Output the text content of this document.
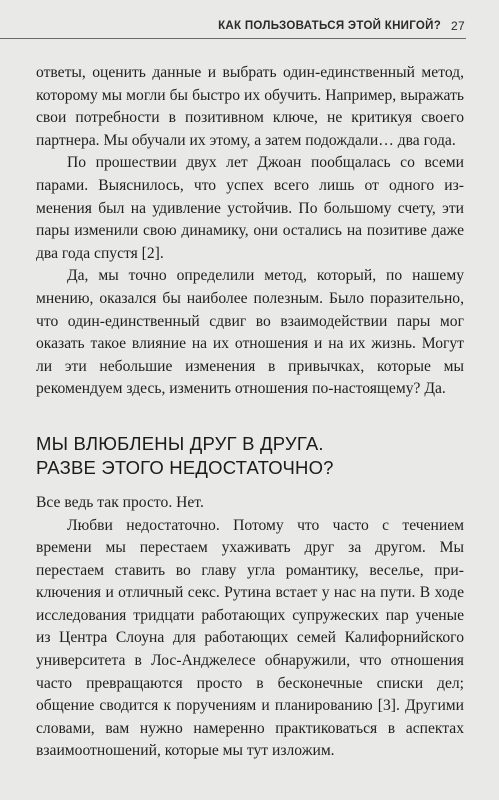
КАК ПОЛЬЗОВАТЬСЯ ЭТОЙ КНИГОЙ? 27

ответы, оценить данные и выбрать один-единственный метод, которому мы могли бы быстро их обучить. Например, выражать свои потребности в позитивном ключе, не критикуя своего партнера. Мы обучали их этому, а затем подождали… два года.

По прошествии двух лет Джоан пообщалась со всеми парами. Выяснилось, что успех всего лишь от одного изменения был на удивление устойчив. По большому счету, эти пары изменили свою динамику, они остались на позитиве даже два года спустя [2].

Да, мы точно определили метод, который, по нашему мнению, оказался бы наиболее полезным. Было поразительно, что один-единственный сдвиг во взаимодействии пары мог оказать такое влияние на их отношения и на их жизнь. Могут ли эти небольшие изменения в привычках, которые мы рекомендуем здесь, изменить отношения по-настоящему? Да.

МЫ ВЛЮБЛЕНЫ ДРУГ В ДРУГА.
РАЗВЕ ЭТОГО НЕДОСТАТОЧНО?

Все ведь так просто. Нет.

Любви недостаточно. Потому что часто с течением времени мы перестаем ухаживать друг за другом. Мы перестаем ставить во главу угла романтику, веселье, приключения и отличный секс. Рутина встает у нас на пути. В ходе исследования тридцати работающих супружеских пар ученые из Центра Слоуна для работающих семей Калифорнийского университета в Лос-Анджелесе обнаружили, что отношения часто превращаются просто в бесконечные списки дел; общение сводится к поручениям и планированию [3]. Другими словами, вам нужно намеренно практиковаться в аспектах взаимоотношений, которые мы тут изложим.
